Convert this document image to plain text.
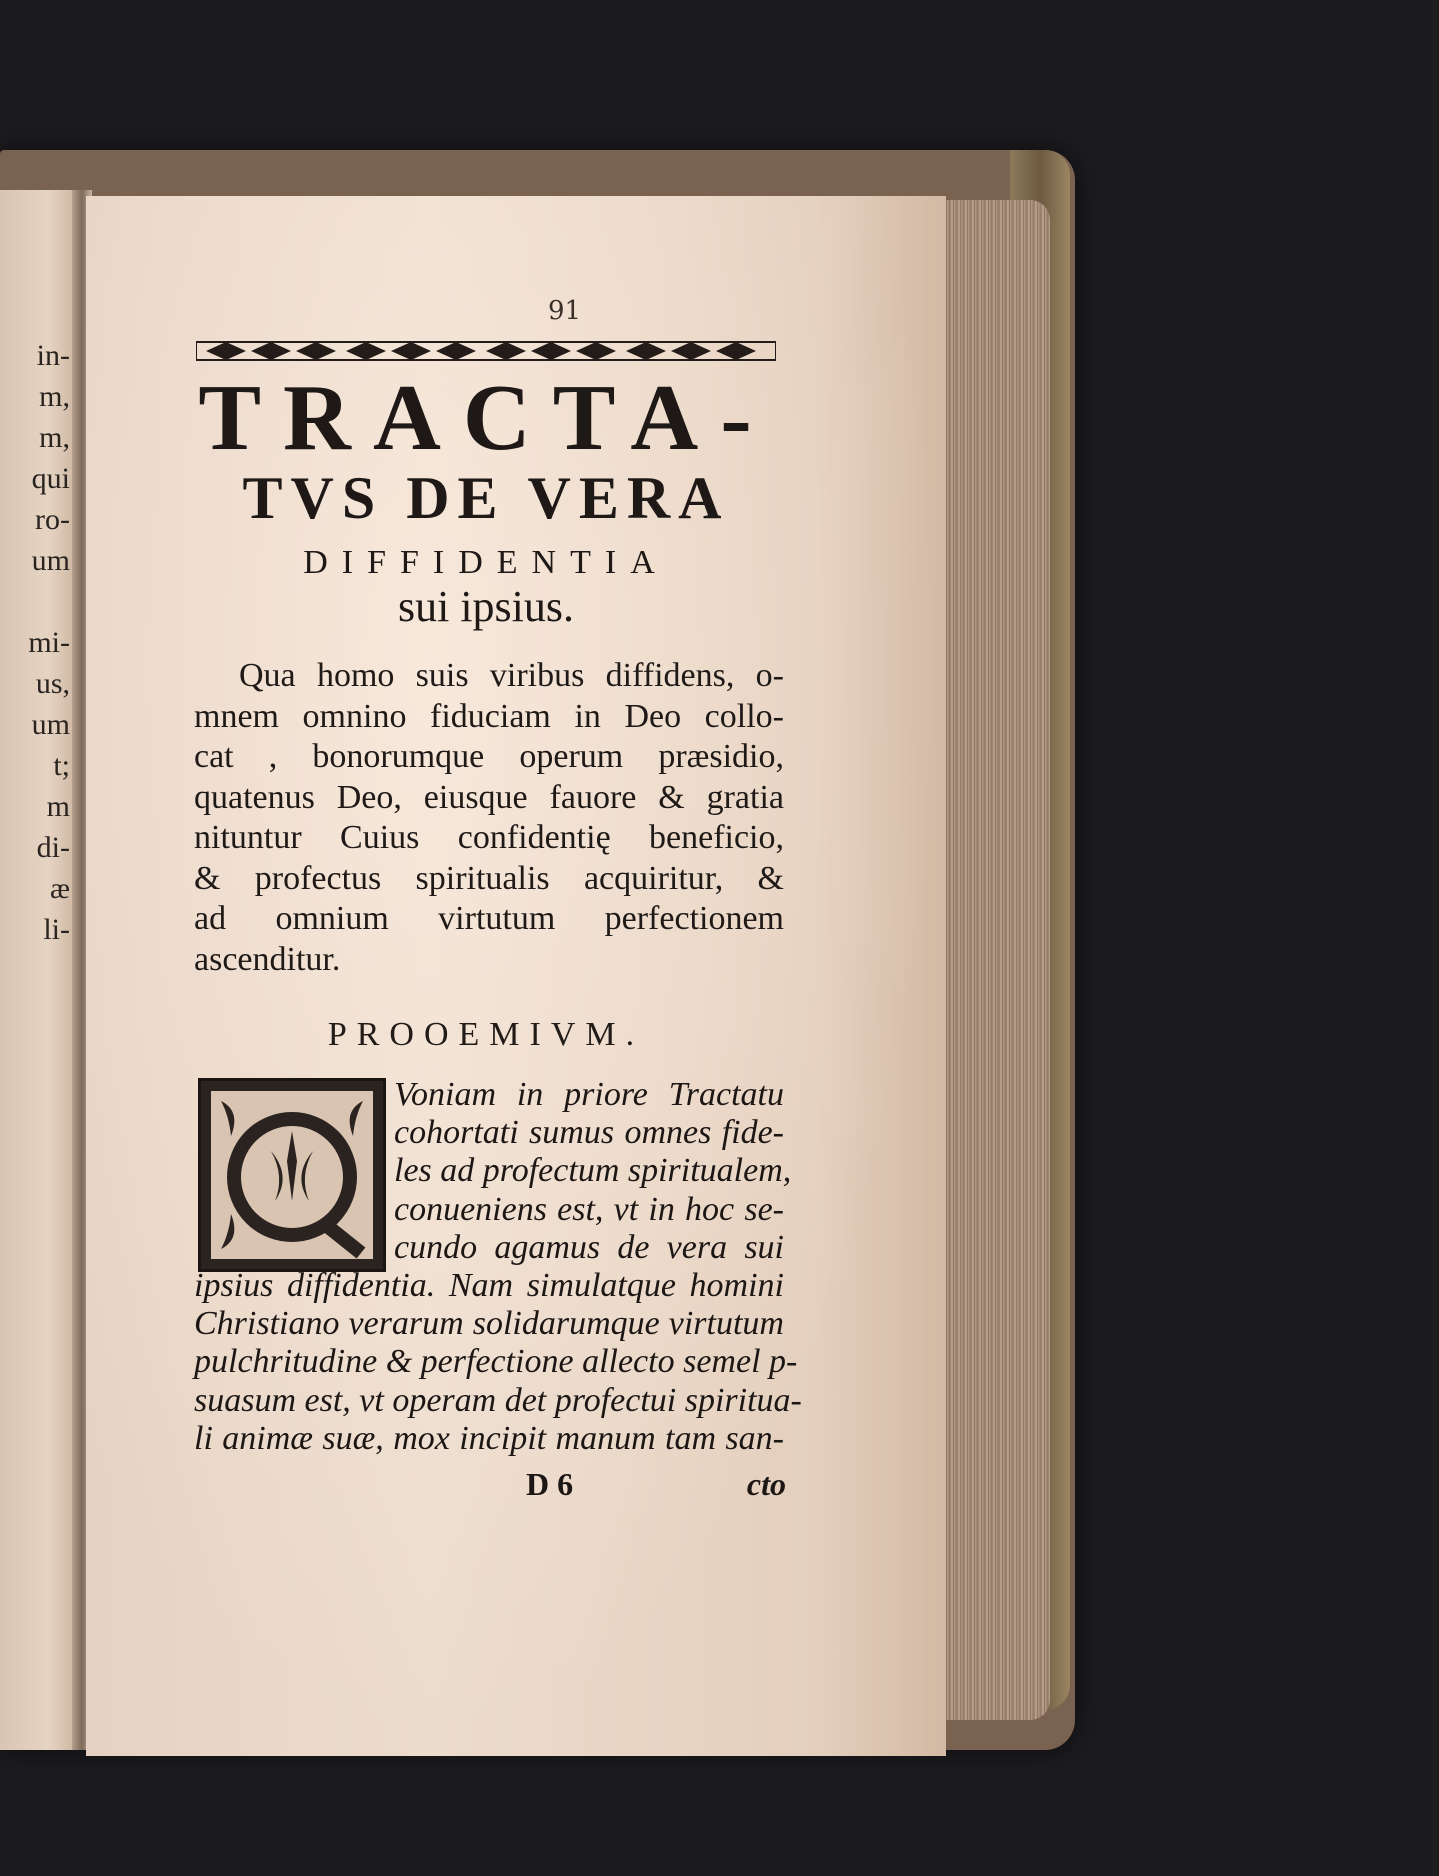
in-
m,
m,
qui
ro-
um
mi-
us,
um
t;
m
di-
æ
li-
91
TRACTA-
TVS DE VERA
DIFFIDENTIA
sui ipsius.
Qua homo suis viribus diffidens, o-
mnem omnino fiduciam in Deo collo-
cat , bonorumque operum præsidio,
quatenus Deo, eiusque fauore & gratia
nituntur Cuius confidentię beneficio,
& profectus spiritualis acquiritur, &
ad omnium virtutum perfectionem
ascenditur.
PROOEMIVM.
Voniam in priore Tractatu
cohortati sumus omnes fide-
les ad profectum spiritualem,
conueniens est, vt in hoc se-
cundo agamus de vera sui
ipsius diffidentia. Nam simulatque homini
Christiano verarum solidarumque virtutum
pulchritudine & perfectione allecto semel p-
suasum est, vt operam det profectui spiritua-
li animæ suæ, mox incipit manum tam san-
D 6	cto
